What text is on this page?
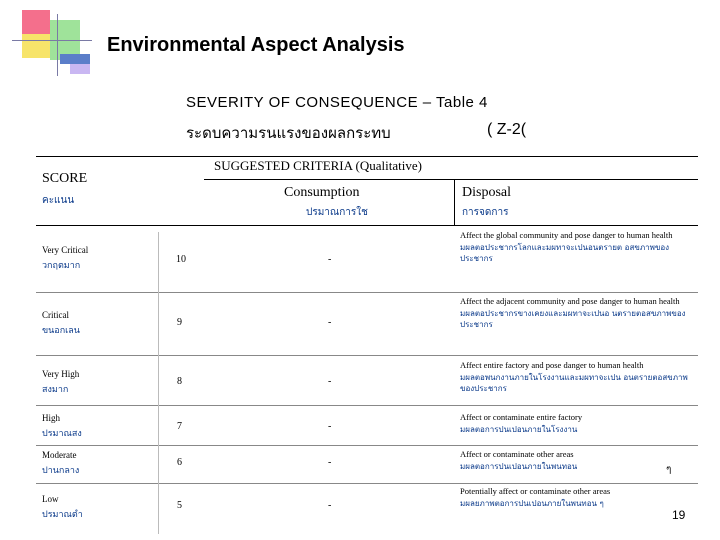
Environmental Aspect Analysis
SEVERITY OF CONSEQUENCE – Table 4
ระดบความรนแรงของผลกระทบ	( Z-2(
SCORE
คะแนน
SUGGESTED CRITERIA (Qualitative)
Consumption
ปรมาณการใช
Disposal
การจดการ
Very Critical
วกฤตมาก
10	-
Affect the global community and pose danger to human health
มผลตอประชากรโลกและมผทาจะเปนอนตรายต อสขภาพของประชากร
Critical
ขนอกเลน
9	-
Affect the adjacent community and pose danger to human health
มผลตอประชากรขางเคยงและมผทาจะเปนอ นตรายตอสขภาพของประชากร
Very High
สงมาก
8	-
Affect entire factory and pose danger to human health
มผลตอพนกงานภายในโรงงานและมผทาจะเปน อนตรายตอสขภาพของประชากร
High
ปรมาณสง
7	-
Affect or contaminate entire factory
มผลตอการปนเปอนภายในโรงงาน
Moderate
ปานกลาง
6	-
Affect or contaminate other areas
มผลตอการปนเปอนภายในพนทอน	ๆ
Low
ปรมาณตำ
5	-
Potentially affect or contaminate other areas
มผลยภาพตอการปนเปอนภายในพนทอน ๆ
19
